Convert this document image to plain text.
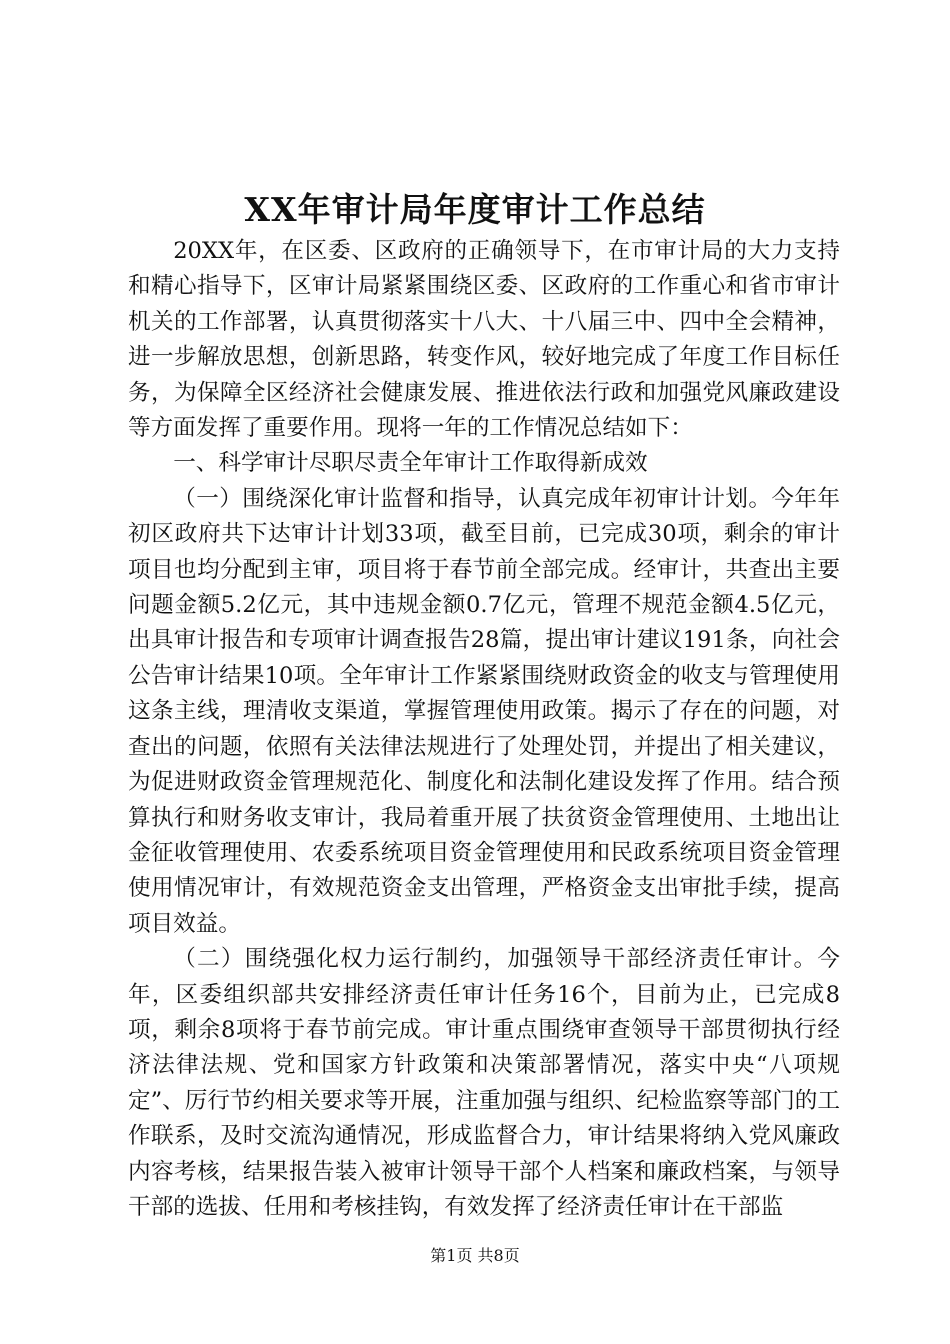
XX年审计局年度审计工作总结

20XX年，在区委、区政府的正确领导下，在市审计局的大力支持和精心指导下，区审计局紧紧围绕区委、区政府的工作重心和省市审计机关的工作部署，认真贯彻落实十八大、十八届三中、四中全会精神，进一步解放思想，创新思路，转变作风，较好地完成了年度工作目标任务，为保障全区经济社会健康发展、推进依法行政和加强党风廉政建设等方面发挥了重要作用。现将一年的工作情况总结如下：

一、科学审计尽职尽责全年审计工作取得新成效

（一）围绕深化审计监督和指导，认真完成年初审计计划。今年年初区政府共下达审计计划33项，截至目前，已完成30项，剩余的审计项目也均分配到主审，项目将于春节前全部完成。经审计，共查出主要问题金额5.2亿元，其中违规金额0.7亿元，管理不规范金额4.5亿元，出具审计报告和专项审计调查报告28篇，提出审计建议191条，向社会公告审计结果10项。全年审计工作紧紧围绕财政资金的收支与管理使用这条主线，理清收支渠道，掌握管理使用政策。揭示了存在的问题，对查出的问题，依照有关法律法规进行了处理处罚，并提出了相关建议，为促进财政资金管理规范化、制度化和法制化建设发挥了作用。结合预算执行和财务收支审计，我局着重开展了扶贫资金管理使用、土地出让金征收管理使用、农委系统项目资金管理使用和民政系统项目资金管理使用情况审计，有效规范资金支出管理，严格资金支出审批手续，提高项目效益。

（二）围绕强化权力运行制约，加强领导干部经济责任审计。今年，区委组织部共安排经济责任审计任务16个，目前为止，已完成8项，剩余8项将于春节前完成。审计重点围绕审查领导干部贯彻执行经济法律法规、党和国家方针政策和决策部署情况，落实中央“八项规定”、厉行节约相关要求等开展，注重加强与组织、纪检监察等部门的工作联系，及时交流沟通情况，形成监督合力，审计结果将纳入党风廉政内容考核，结果报告装入被审计领导干部个人档案和廉政档案，与领导干部的选拔、任用和考核挂钩，有效发挥了经济责任审计在干部监

第1页 共8页
